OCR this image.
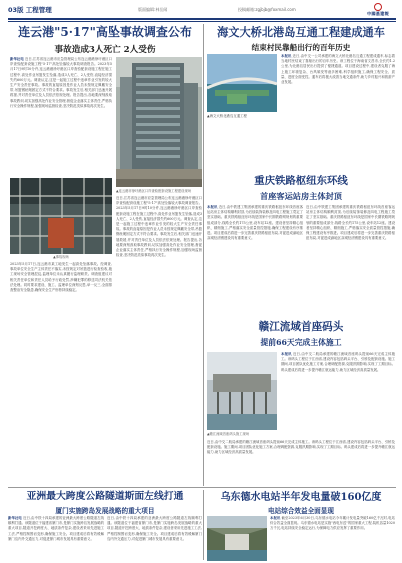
03版 工程管理	版面编辑:林岳闻	投稿邮箱:zgjbjb@foxmail.com
中國基建報
连云港"5·17"高坠事故调查公布
事故造成3人死亡 2人受伤
新华社电 近日,江苏省连云港市应急管理局公布连云港港徐圩港区口岸查验配套设施工程"5·17"高处坠落较大事故调查报告。2023年5月17日9时10分许,连云港港徐圩港区口岸查验配套设施工程在施工过程中,高处作业吊篮发生坠落,造成3人死亡、2人受伤,直接经济损失约600万元。调查认定,这是一起施工过程中违章作业引发的较大生产安全责任事故。事故的直接原因是作业人员未按规定佩戴安全带,吊篮钢丝绳固定方式不符合要求。事故发生后,相关部门迅速开展救援,并对责任单位及人员依法依规处理。报告提出,各地要深刻汲取事故教训,切实加强高处作业安全管理,督促企业落实主体责任,严格执行安全操作规程,加强现场监督检查,坚决防范类似事故再次发生。
▲连云港市徐圩港区口岸查验配套设施工程建设现场
▲事故现场
2023年5月17日,连云港市某工地发生一起高处坠落事故。经调查,事故单位安全生产主体责任不落实,未按规定对吊篮进行检查验收,施工现场安全管理混乱,监理单位未认真履行监理职责。调查组建议对相关责任单位和责任人员给予行政处罚,涉嫌犯罪的移送司法机关依法处理。同时要求建设、施工、监理单位深刻反思,举一反三,全面排查整治安全隐患,确保安全生产形势持续稳定。
近日,江苏省连云港市应急管理局公布连云港港徐圩港区口岸查验配套设施工程"5·17"高处坠落较大事故调查报告。2023年5月17日9时10分许,连云港港徐圩港区口岸查验配套设施工程在施工过程中,高处作业吊篮发生坠落,造成3人死亡、2人受伤,直接经济损失约600万元。调查认定,这是一起施工过程中违章作业引发的较大生产安全责任事故。事故的直接原因是作业人员未按规定佩戴安全带,吊篮钢丝绳固定方式不符合要求。事故发生后,相关部门迅速开展救援,并对责任单位及人员依法依规处理。报告提出,各地要深刻汲取事故教训,切实加强高处作业安全管理,督促企业落实主体责任,严格执行安全操作规程,加强现场监督检查,坚决防范类似事故再次发生。
海文大桥北港岛互通工程建成通车
结束村民靠船出行的百年历史
▲海文大桥北港岛互通工程
本报讯 近日,由中交一公司承建的海文大桥北港岛互通工程建成通车,标志着当地村民结束了靠船出行的百年历史。该工程位于海南省文昌市,全长约1.2公里,为北港岛居民出行提供了便捷通道。项目建设过程中,建设者克服了海上施工环境复杂、台风频发等诸多困难,科学组织施工,确保工程安全、质量、进度全面受控。通车后将极大改善当地交通条件,助力乡村振兴和旅游产业发展。
重庆铁路枢纽东环线
首座客运站房主体封顶
本报讯 近日,由中铁建工集团承建的重庆铁路枢纽东环线首座客运站房主体结构顺利封顶,为后续装饰装修及四电工程施工奠定了坚实基础。重庆铁路枢纽东环线是国家中长期铁路网规划的重要组成部分,线路全长约175公里,设车站12座。建设者坚持精心组织、精细施工,严格落实安全质量管控措施,确保工程建设有序推进。项目建成后将进一步完善重庆铁路枢纽布局,对促进成渝地区双城经济圈建设具有重要意义。
近日,由中铁建工集团承建的重庆铁路枢纽东环线首座客运站房主体结构顺利封顶,为后续装饰装修及四电工程施工奠定了坚实基础。重庆铁路枢纽东环线是国家中长期铁路网规划的重要组成部分,线路全长约175公里,设车站12座。建设者坚持精心组织、精细施工,严格落实安全质量管控措施,确保工程建设有序推进。项目建成后将进一步完善重庆铁路枢纽布局,对促进成渝地区双城经济圈建设具有重要意义。
赣江流域首座码头
提前66天完成主体施工
▲赣江流域首座码头施工现场
本报讯 近日,由中交二航局承建的赣江流域首座码头提前66天完成主体施工。该码头工程位于江西省,建设内容包括码头平台、引桥及配套设施。施工期间,项目团队优化施工方案,合理调配资源,克服汛期影响,实现了工期目标。码头建成后将进一步提升赣江航运能力,助力区域经济高质量发展。
近日,由中交二航局承建的赣江流域首座码头提前66天完成主体施工。该码头工程位于江西省,建设内容包括码头平台、引桥及配套设施。施工期间,项目团队优化施工方案,合理调配资源,克服汛期影响,实现了工期目标。码头建成后将进一步提升赣江航运能力,助力区域经济高质量发展。
亚洲最大跨度公路隧道斯面左线打通
厦门实施跨岛发展战略的重大项目
新华社电 近日,由中铁十四局承建的亚洲最大跨度公路隧道左线顺利打通。该隧道位于福建省厦门市,是厦门实施跨岛发展战略的重大项目,隧道开挖跨度大、地质条件复杂,建设者采用先进施工工法,严格控制围岩变形,确保施工安全。项目建成后将有效缓解厦门岛内外交通压力,对促进厦门城市发展具有重要意义。
近日,由中铁十四局承建的亚洲最大跨度公路隧道左线顺利打通。该隧道位于福建省厦门市,是厦门实施跨岛发展战略的重大项目,隧道开挖跨度大、地质条件复杂,建设者采用先进施工工法,严格控制围岩变形,确保施工安全。项目建成后将有效缓解厦门岛内外交通压力,对促进厦门城市发展具有重要意义。
乌东德水电站半年发电量破160亿度
电站综合效益全面显现
本报讯 截至2023年6月30日,乌东德水电站今年累计发电量突破160亿千瓦时,电站综合效益全面显现。乌东德水电站是实施"西电东送"的国家重大工程,装机容量1020万千瓦,电站持续安全稳定运行,为保障电力供应发挥了重要作用。
